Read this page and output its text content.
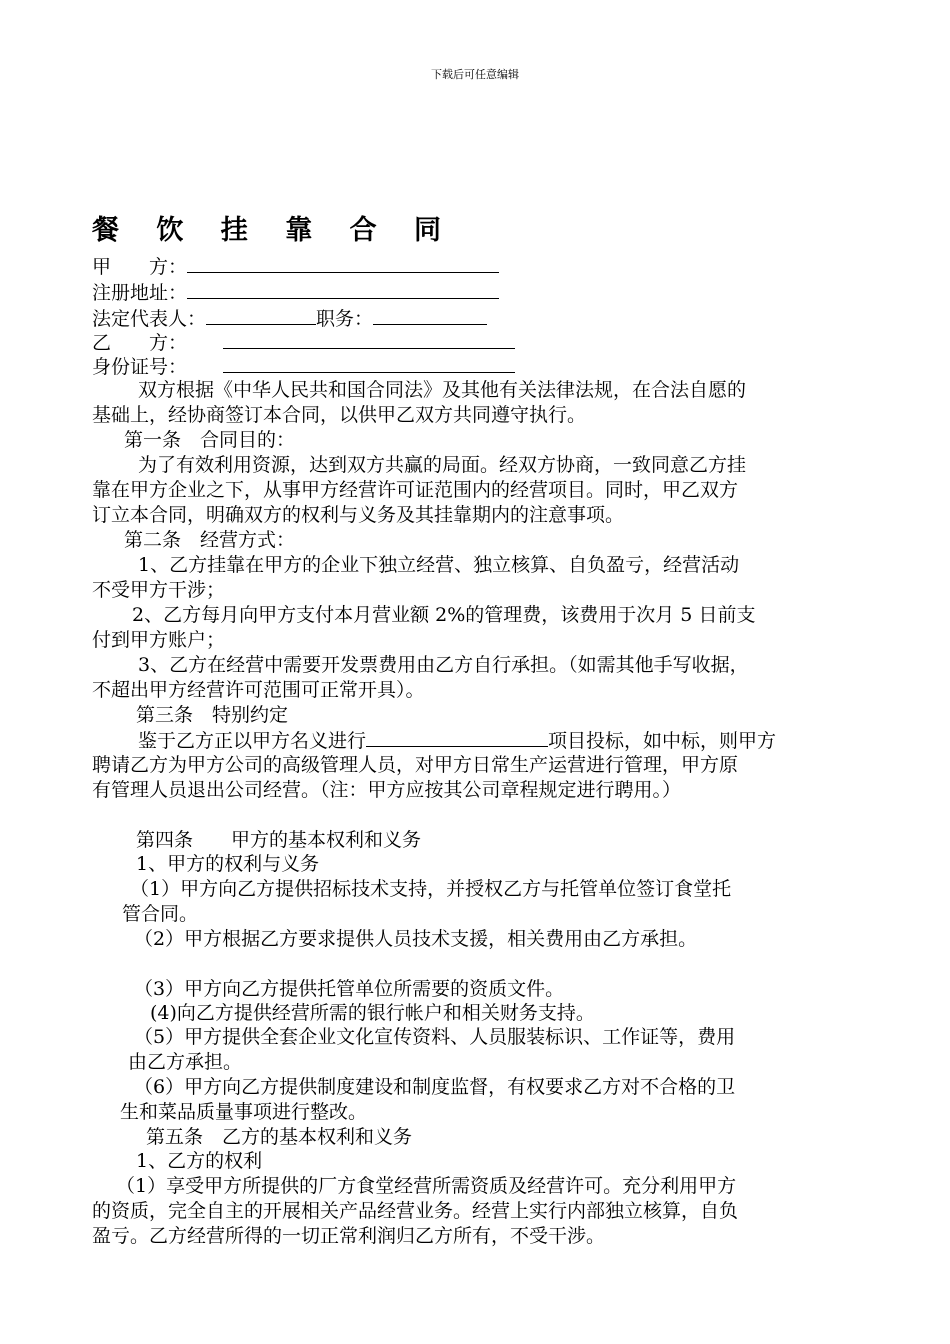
下载后可任意编辑
餐 饮 挂 靠 合 同
甲　　方：
注册地址：
法定代表人：	职务：
乙　　方：
身份证号：
双方根据《中华人民共和国合同法》及其他有关法律法规，在合法自愿的
基础上，经协商签订本合同，以供甲乙双方共同遵守执行。
第一条　合同目的：
为了有效利用资源，达到双方共赢的局面。经双方协商，一致同意乙方挂
靠在甲方企业之下，从事甲方经营许可证范围内的经营项目。同时，甲乙双方
订立本合同，明确双方的权利与义务及其挂靠期内的注意事项。
第二条　经营方式：
1、乙方挂靠在甲方的企业下独立经营、独立核算、自负盈亏，经营活动
不受甲方干涉；
2、乙方每月向甲方支付本月营业额 2%的管理费，该费用于次月 5 日前支
付到甲方账户；
3、乙方在经营中需要开发票费用由乙方自行承担。（如需其他手写收据，
不超出甲方经营许可范围可正常开具）。
第三条　特别约定
鉴于乙方正以甲方名义进行	项目投标，如中标，则甲方
聘请乙方为甲方公司的高级管理人员，对甲方日常生产运营进行管理，甲方原
有管理人员退出公司经营。（注：甲方应按其公司章程规定进行聘用。）
第四条　　甲方的基本权利和义务
1、甲方的权利与义务
（1）甲方向乙方提供招标技术支持，并授权乙方与托管单位签订食堂托
管合同。
（2）甲方根据乙方要求提供人员技术支援，相关费用由乙方承担。
（3）甲方向乙方提供托管单位所需要的资质文件。
(4)向乙方提供经营所需的银行帐户和相关财务支持。
（5）甲方提供全套企业文化宣传资料、人员服装标识、工作证等，费用
由乙方承担。
（6）甲方向乙方提供制度建设和制度监督，有权要求乙方对不合格的卫
生和菜品质量事项进行整改。
第五条　乙方的基本权利和义务
1、乙方的权利
（1）享受甲方所提供的厂方食堂经营所需资质及经营许可。充分利用甲方
的资质，完全自主的开展相关产品经营业务。经营上实行内部独立核算，自负
盈亏。乙方经营所得的一切正常利润归乙方所有，不受干涉。
